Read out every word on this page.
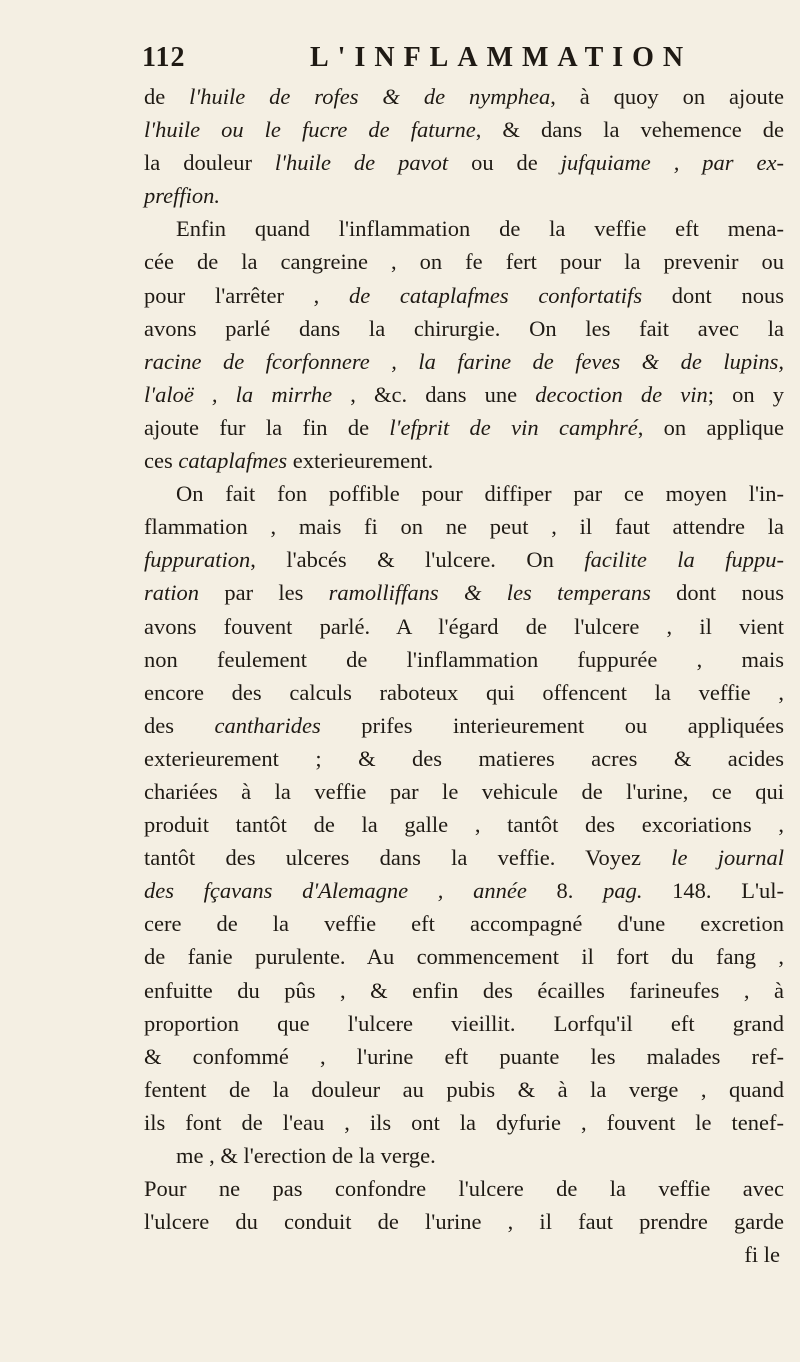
112	L'INFLAMMATION
de l'huile de rofes & de nymphea, à quoy on ajoute
l'huile ou le fucre de faturne, & dans la vehemence de
la douleur l'huile de pavot ou de jufquiame , par ex-
preffion.
Enfin quand l'inflammation de la veffie eft mena-
cée de la cangreine , on fe fert pour la prevenir ou
pour l'arrêter , de cataplafmes confortatifs dont nous
avons parlé dans la chirurgie. On les fait avec la
racine de fcorfonnere , la farine de feves & de lupins,
l'aloë , la mirrhe , &c. dans une decoction de vin; on y
ajoute fur la fin de l'efprit de vin camphré, on applique
ces cataplafmes exterieurement.
On fait fon poffible pour diffiper par ce moyen l'in-
flammation , mais fi on ne peut , il faut attendre la
fuppuration, l'abcés & l'ulcere. On facilite la fuppu-
ration par les ramolliffans & les temperans dont nous
avons fouvent parlé. A l'égard de l'ulcere , il vient
non feulement de l'inflammation fuppurée , mais
encore des calculs raboteux qui offencent la veffie ,
des cantharides prifes interieurement ou appliquées
exterieurement ; & des matieres acres & acides
chariées à la veffie par le vehicule de l'urine, ce qui
produit tantôt de la galle , tantôt des excoriations ,
tantôt des ulceres dans la veffie. Voyez le journal
des fçavans d'Alemagne , année 8. pag. 148. L'ul-
cere de la veffie eft accompagné d'une excretion
de fanie purulente. Au commencement il fort du fang ,
enfuitte du pûs , & enfin des écailles farineufes , à
proportion que l'ulcere vieillit. Lorfqu'il eft grand
& confommé , l'urine eft puante les malades ref-
fentent de la douleur au pubis & à la verge , quand
ils font de l'eau , ils ont la dyfurie , fouvent le tenef-
me , & l'erection de la verge.
Pour ne pas confondre l'ulcere de la veffie avec
l'ulcere du conduit de l'urine , il faut prendre garde
fi le
